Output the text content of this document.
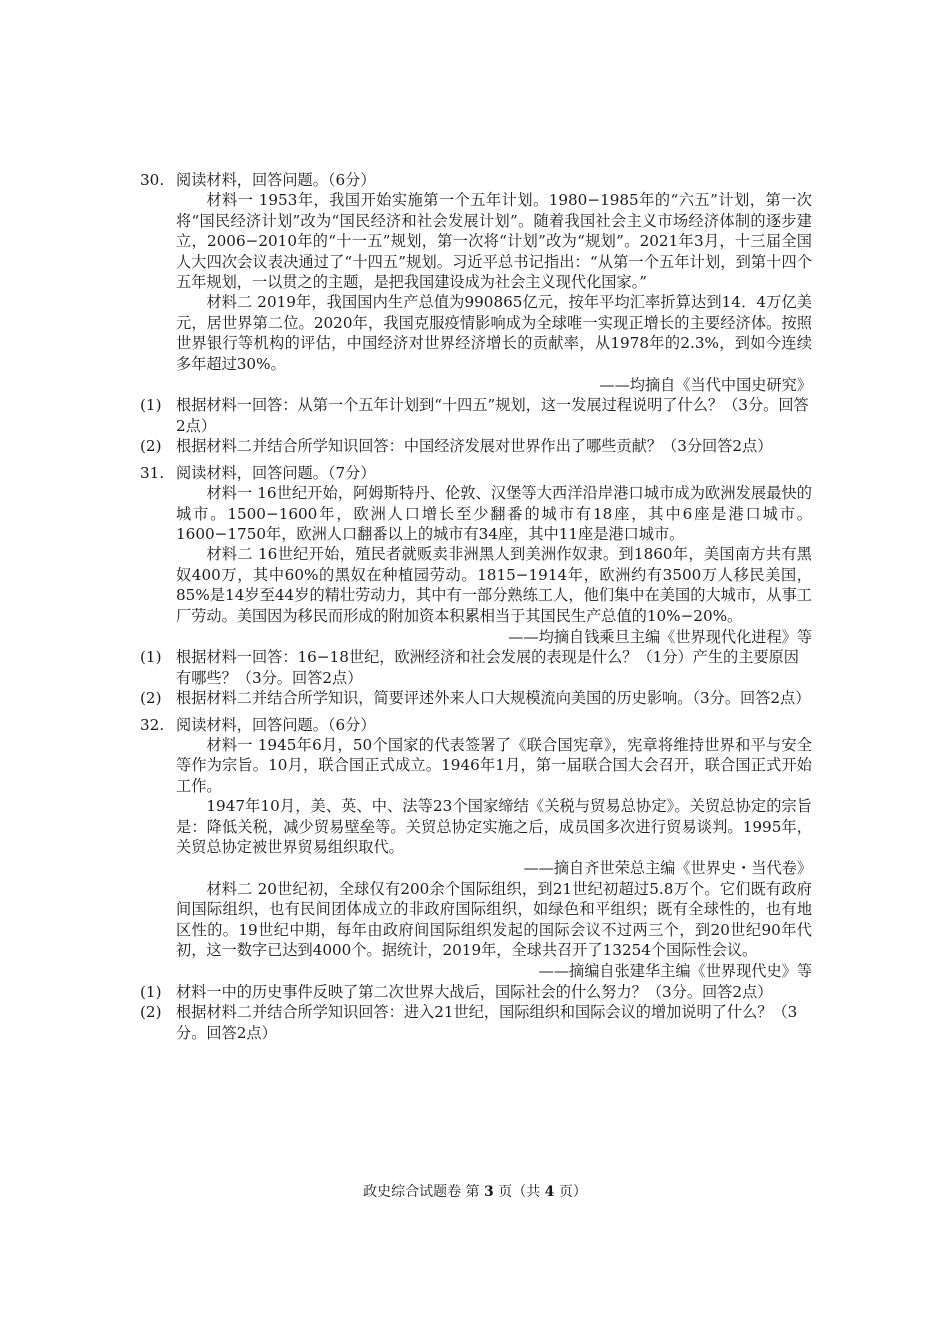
30. 阅读材料，回答问题。（6分）
材料一 1953年，我国开始实施第一个五年计划。1980−1985年的“六五”计划，第一次将“国民经济计划”改为“国民经济和社会发展计划”。随着我国社会主义市场经济体制的逐步建立，2006−2010年的“十一五”规划，第一次将“计划”改为“规划”。2021年3月，十三届全国人大四次会议表决通过了“十四五”规划。习近平总书记指出：“从第一个五年计划，到第十四个五年规划，一以贯之的主题，是把我国建设成为社会主义现代化国家。”
材料二 2019年，我国国内生产总值为990865亿元，按年平均汇率折算达到14．4万亿美元，居世界第二位。2020年，我国克服疫情影响成为全球唯一实现正增长的主要经济体。按照世界银行等机构的评估，中国经济对世界经济增长的贡献率，从1978年的2.3%，到如今连续多年超过30%。
——均摘自《当代中国史研究》
(1) 根据材料一回答：从第一个五年计划到“十四五”规划，这一发展过程说明了什么？（3分。回答2点）
(2) 根据材料二并结合所学知识回答：中国经济发展对世界作出了哪些贡献？（3分回答2点）
31. 阅读材料，回答问题。（7分）
材料一 16世纪开始，阿姆斯特丹、伦敦、汉堡等大西洋沿岸港口城市成为欧洲发展最快的城市。1500−1600年，欧洲人口增长至少翻番的城市有18座，其中6座是港口城市。1600−1750年，欧洲人口翻番以上的城市有34座，其中11座是港口城市。
材料二 16世纪开始，殖民者就贩卖非洲黑人到美洲作奴隶。到1860年，美国南方共有黑奴400万，其中60%的黑奴在种植园劳动。1815−1914年，欧洲约有3500万人移民美国，85%是14岁至44岁的精壮劳动力，其中有一部分熟练工人，他们集中在美国的大城市，从事工厂劳动。美国因为移民而形成的附加资本积累相当于其国民生产总值的10%−20%。
——均摘自钱乘旦主编《世界现代化进程》等
(1) 根据材料一回答：16−18世纪，欧洲经济和社会发展的表现是什么？（1分）产生的主要原因有哪些？（3分。回答2点）
(2) 根据材料二并结合所学知识，简要评述外来人口大规模流向美国的历史影响。（3分。回答2点）
32. 阅读材料，回答问题。（6分）
材料一 1945年6月，50个国家的代表签署了《联合国宪章》，宪章将维持世界和平与安全等作为宗旨。10月，联合国正式成立。1946年1月，第一届联合国大会召开，联合国正式开始工作。
1947年10月，美、英、中、法等23个国家缔结《关税与贸易总协定》。关贸总协定的宗旨是：降低关税，减少贸易壁垒等。关贸总协定实施之后，成员国多次进行贸易谈判。1995年，关贸总协定被世界贸易组织取代。
——摘自齐世荣总主编《世界史・当代卷》
材料二 20世纪初，全球仅有200余个国际组织，到21世纪初超过5.8万个。它们既有政府间国际组织，也有民间团体成立的非政府国际组织，如绿色和平组织；既有全球性的，也有地区性的。19世纪中期，每年由政府间国际组织发起的国际会议不过两三个，到20世纪90年代初，这一数字已达到4000个。据统计，2019年，全球共召开了13254个国际性会议。
——摘编自张建华主编《世界现代史》等
(1) 材料一中的历史事件反映了第二次世界大战后，国际社会的什么努力？（3分。回答2点）
(2) 根据材料二并结合所学知识回答：进入21世纪，国际组织和国际会议的增加说明了什么？（3分。回答2点）
政史综合试题卷 第 3 页（共 4 页）
